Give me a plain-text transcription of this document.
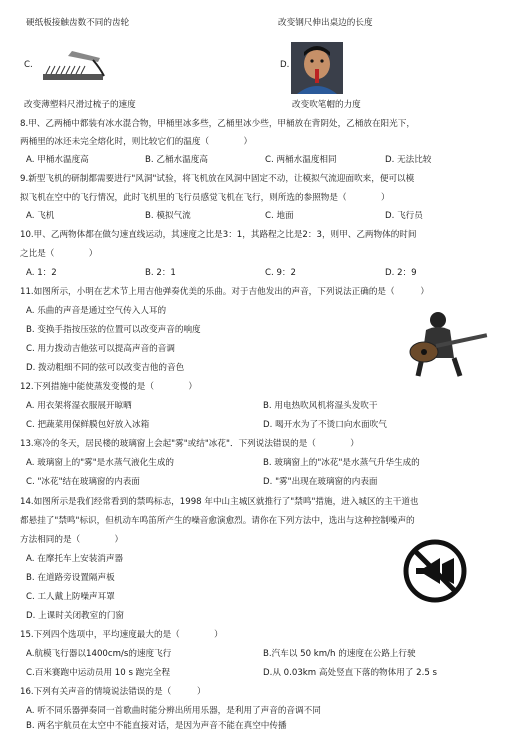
硬纸板接触齿数不同的齿轮	改变钢尺伸出桌边的长度
C.	D.
改变薄塑料尺滑过梳子的速度	改变吹笔帽的力度
8.甲、乙两桶中都装有冰水混合物，甲桶里冰多些，乙桶里冰少些，甲桶放在背阴处，乙桶放在阳光下，
两桶里的冰还未完全熔化时，则比较它们的温度（　　　　）
A. 甲桶水温度高	B. 乙桶水温度高	C. 两桶水温度相同	D. 无法比较
9.新型飞机的研制都需要进行"风洞"试验，将飞机放在风洞中固定不动，让模拟气流迎面吹来，便可以模
拟飞机在空中的飞行情况，此时飞机里的飞行员感觉飞机在飞行，则所选的参照物是（　　　　）
A. 飞机	B. 模拟气流	C. 地面	D. 飞行员
10.甲、乙两物体都在做匀速直线运动，其速度之比是3：1，其路程之比是2：3，则甲、乙两物体的时间
之比是（　　　　）
A. 1：2	B. 2：1	C. 9：2	D. 2：9
11.如图所示，小明在艺术节上用吉他弹奏优美的乐曲。对于吉他发出的声音，下列说法正确的是（　　　）
A. 乐曲的声音是通过空气传入人耳的
B. 变换手指按压弦的位置可以改变声音的响度
C. 用力拨动吉他弦可以提高声音的音调
D. 拨动粗细不同的弦可以改变吉他的音色
12.下列措施中能使蒸发变慢的是（　　　　）
A. 用衣架将湿衣服展开晾晒	B. 用电热吹风机将湿头发吹干
C. 把蔬菜用保鲜膜包好放入冰箱	D. 喝开水为了不烫口向水面吹气
13.寒冷的冬天，居民楼的玻璃窗上会起"雾"或结"冰花"．下列说法错误的是（　　　　）
A. 玻璃窗上的"雾"是水蒸气液化生成的	B. 玻璃窗上的"冰花"是水蒸气升华生成的
C. "冰花"结在玻璃窗的内表面	D. "雾"出现在玻璃窗的内表面
14.如图所示是我们经常看到的禁鸣标志，1998 年中山主城区就推行了"禁鸣"措施，进入城区的主干道也
都悬挂了"禁鸣"标识，但机动车鸣笛所产生的噪音愈演愈烈。请你在下列方法中，选出与这种控制噪声的
方法相同的是（　　　　）
A. 在摩托车上安装消声器
B. 在道路旁设置隔声板
C. 工人戴上防噪声耳罩
D. 上课时关闭教室的门窗
15.下列四个选项中，平均速度最大的是（　　　　）
A.航模飞行器以1400cm/s的速度飞行	B.汽车以 50 km/h 的速度在公路上行驶
C.百米赛跑中运动员用 10 s 跑完全程	D.从 0.03km 高处竖直下落的物体用了 2.5 s
16.下列有关声音的情境说法错误的是（　　　）
A. 听不同乐器弹奏同一首歌曲时能分辨出所用乐器，是利用了声音的音调不同
B. 两名宇航员在太空中不能直接对话，是因为声音不能在真空中传播
